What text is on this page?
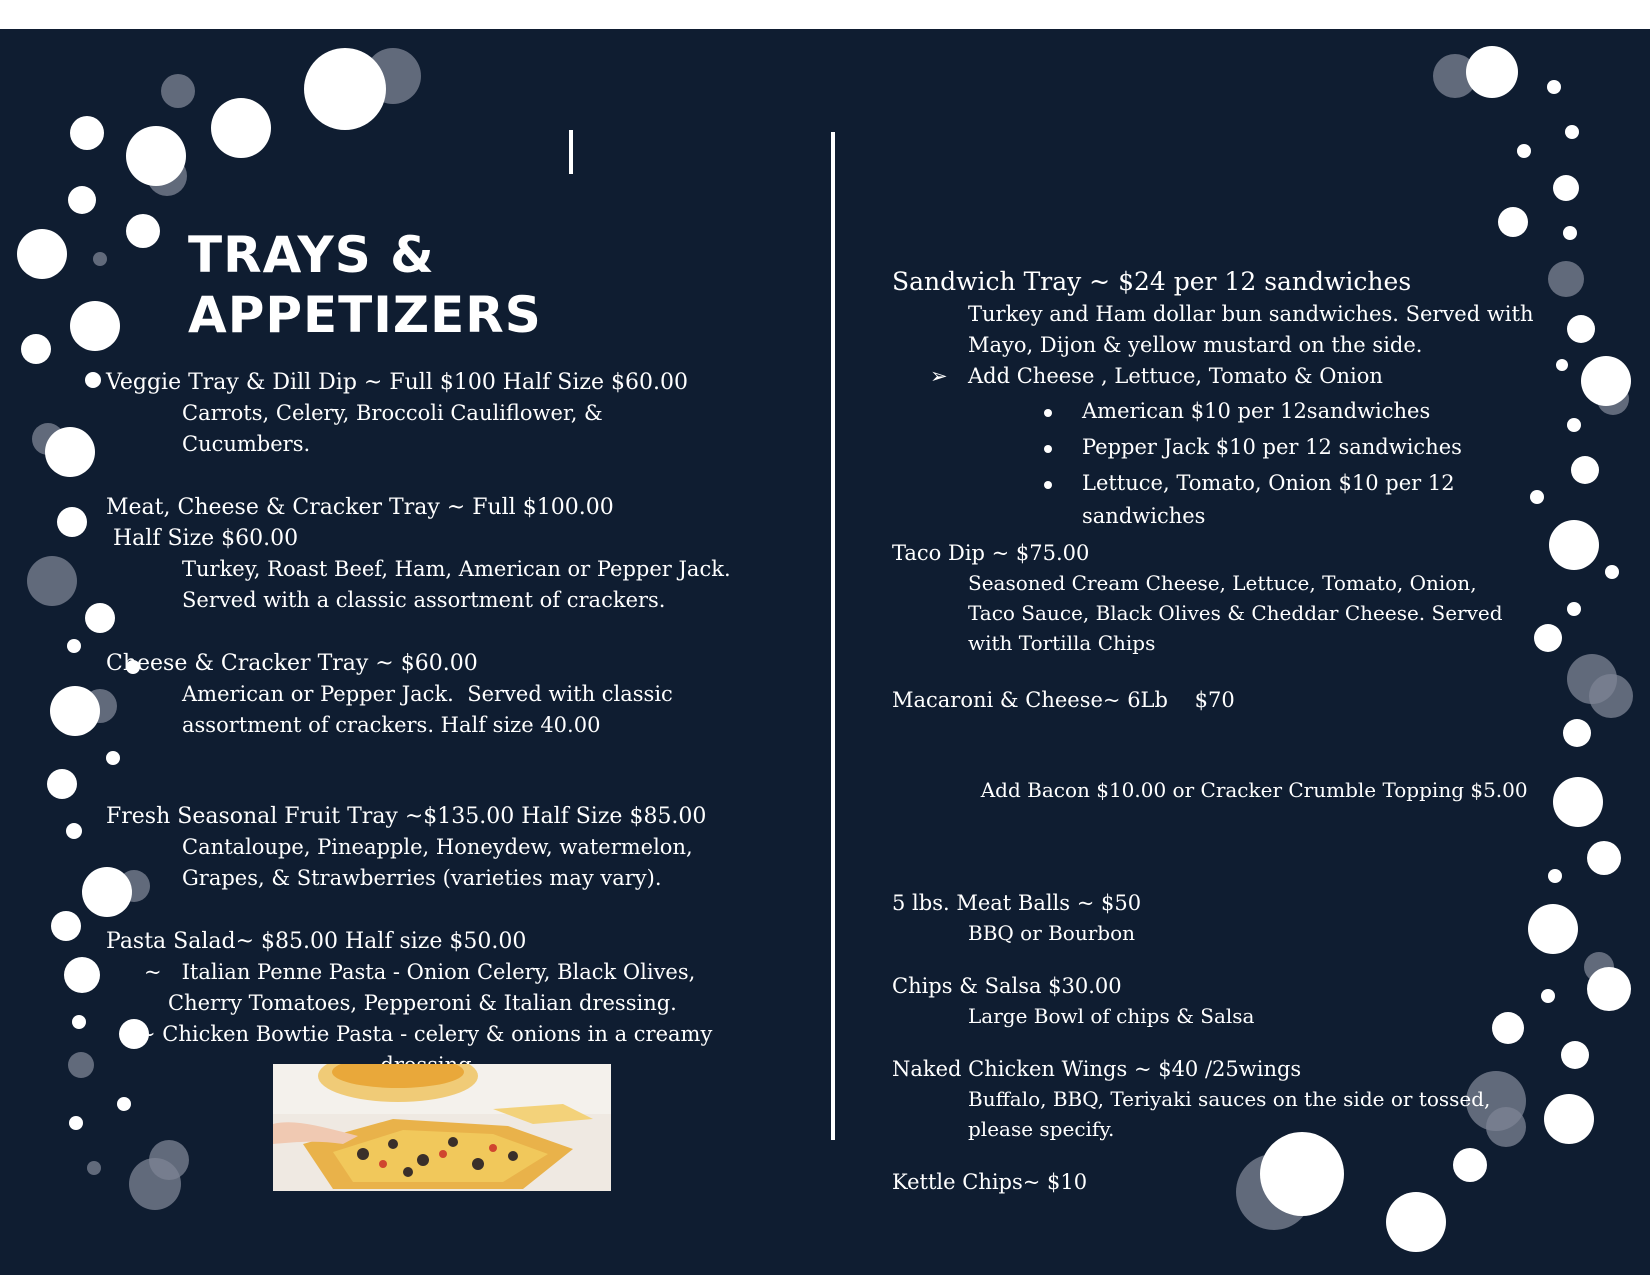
TRAYS & APPETIZERS
Veggie Tray & Dill Dip ~ Full $100 Half Size $60.00
Carrots, Celery, Broccoli Cauliflower, &
Cucumbers.
Meat, Cheese & Cracker Tray ~ Full $100.00
Half Size $60.00
Turkey, Roast Beef, Ham, American or Pepper Jack.
Served with a classic assortment of crackers.
Cheese & Cracker Tray ~ $60.00
American or Pepper Jack.  Served with classic
assortment of crackers. Half size 40.00
Fresh Seasonal Fruit Tray ~$135.00 Half Size $85.00
Cantaloupe, Pineapple, Honeydew, watermelon,
Grapes, & Strawberries (varieties may vary).
Pasta Salad~ $85.00 Half size $50.00
~   Italian Penne Pasta - Onion Celery, Black Olives,
Cherry Tomatoes, Pepperoni & Italian dressing.
~ Chicken Bowtie Pasta - celery & onions in a creamy
Sandwich Tray ~ $24 per 12 sandwiches
Turkey and Ham dollar bun sandwiches. Served with
Mayo, Dijon & yellow mustard on the side.
➢ Add Cheese , Lettuce, Tomato & Onion
American $10 per 12sandwiches
Pepper Jack $10 per 12 sandwiches
Lettuce, Tomato, Onion $10 per 12 sandwiches
Taco Dip ~ $75.00
Seasoned Cream Cheese, Lettuce, Tomato, Onion,
Taco Sauce, Black Olives & Cheddar Cheese. Served
with Tortilla Chips
Macaroni & Cheese~ 6Lb    $70

Add Bacon $10.00 or Cracker Crumble Topping $5.00

5 lbs. Meat Balls ~ $50
BBQ or Bourbon
Chips & Salsa $30.00
Large Bowl of chips & Salsa
Naked Chicken Wings ~ $40 /25wings
Buffalo, BBQ, Teriyaki sauces on the side or tossed,
please specify.
Kettle Chips~ $10
